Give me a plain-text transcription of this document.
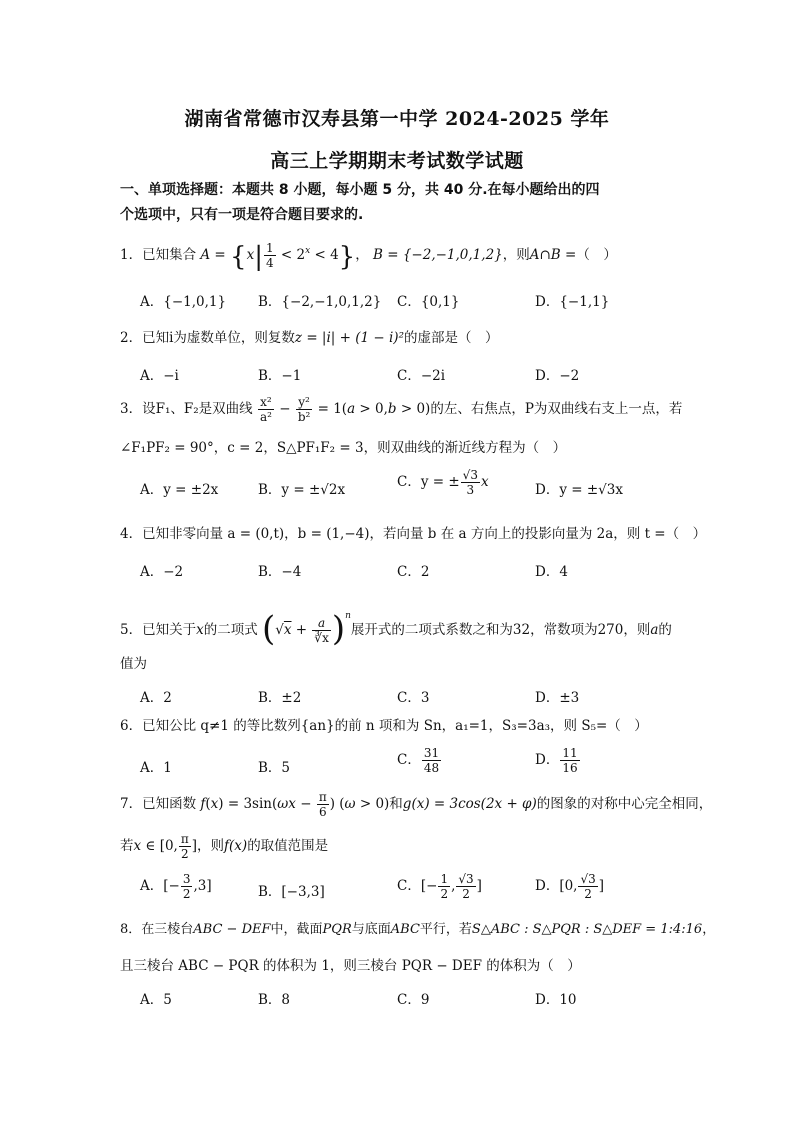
湖南省常德市汉寿县第一中学 2024-2025 学年
高三上学期期末考试数学试题
一、单项选择题：本题共 8 小题，每小题 5 分，共 40 分.在每小题给出的四
个选项中，只有一项是符合题目要求的.
1．已知集合 $A = \{x| \frac{1}{4} < 2^x < 4\}$， B = {−2,−1,0,1,2}，则A∩B =（　）
A．{−1,0,1} B．{−2,−1,0,1,2} C．{0,1}	D．{−1,1}
2．已知i为虚数单位，则复数z = |i| + (1 − i)²的虚部是（　）
A．−i	B．−1	C．−2i	D．−2
3．设F₁、F₂是双曲线 $\frac{\text{x²}}{\text{a²}} - \frac{\text{y²}}{\text{b²}} = 1(a > 0,b > 0)$的左、右焦点，P为双曲线右支上一点，若
∠F₁PF₂ = 90°，c = 2，S△PF₁F₂ = 3，则双曲线的渐近线方程为（　）
A．y = ±2x	B．y = ±√2x	C．y = ± $\frac{√3}{3}$ x	D．y = ±√3x
4．已知非零向量 a = (0,t)，b = (1,−4)，若向量 b 在 a 方向上的投影向量为 2a，则 t =（　）
A．−2	B．−4	C．2	D．4
5．已知关于x的二项式 $(√x + \frac{a}{∛x} )^n$展开式的二项式系数之和为32，常数项为270，则a的
值为
A．2	B．±2	C．3	D．±3
6．已知公比 q≠1 的等比数列{an}的前 n 项和为 Sn，a₁=1，S₃=3a₃，则 S₅=（　）
A．1	B．5	C． $\frac{31}{48}$	D． $\frac{11}{16}$
7．已知函数 $f(x) = 3\sin(\omega x - \frac{\pi}{6}$ ) (ω > 0)和g(x) = 3cos(2x + φ)的图象的对称中心完全相同，
若x ∈ [0, $\frac{\pi}{2}$ ]，则f(x)的取值范围是
A．[− $\frac{3}{2} ,3$]	B．[−3,3]	C．[− $\frac{1}{2}$ , $\frac{√3}{2}$ ]	D．[0, $\frac{√3}{2}$ ]
8．在三棱台ABC − DEF中，截面PQR与底面ABC平行，若S△ABC : S△PQR : S△DEF = 1:4:16，
且三棱台 ABC − PQR 的体积为 1，则三棱台 PQR − DEF 的体积为（　）
A．5	B．8	C．9	D．10
